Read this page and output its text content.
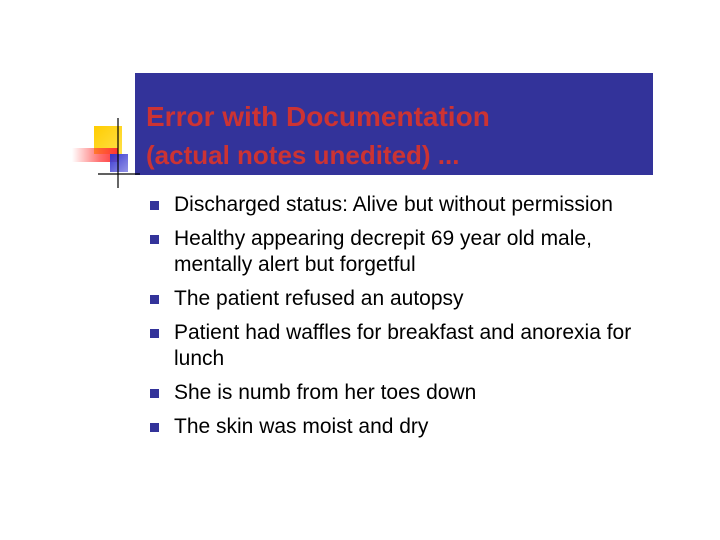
Error with Documentation
(actual notes unedited) ...
Discharged status: Alive but without permission
Healthy appearing decrepit 69 year old male, mentally alert but forgetful
The patient refused an autopsy
Patient had waffles for breakfast and anorexia for lunch
She is numb from her toes down
The skin was moist and dry
